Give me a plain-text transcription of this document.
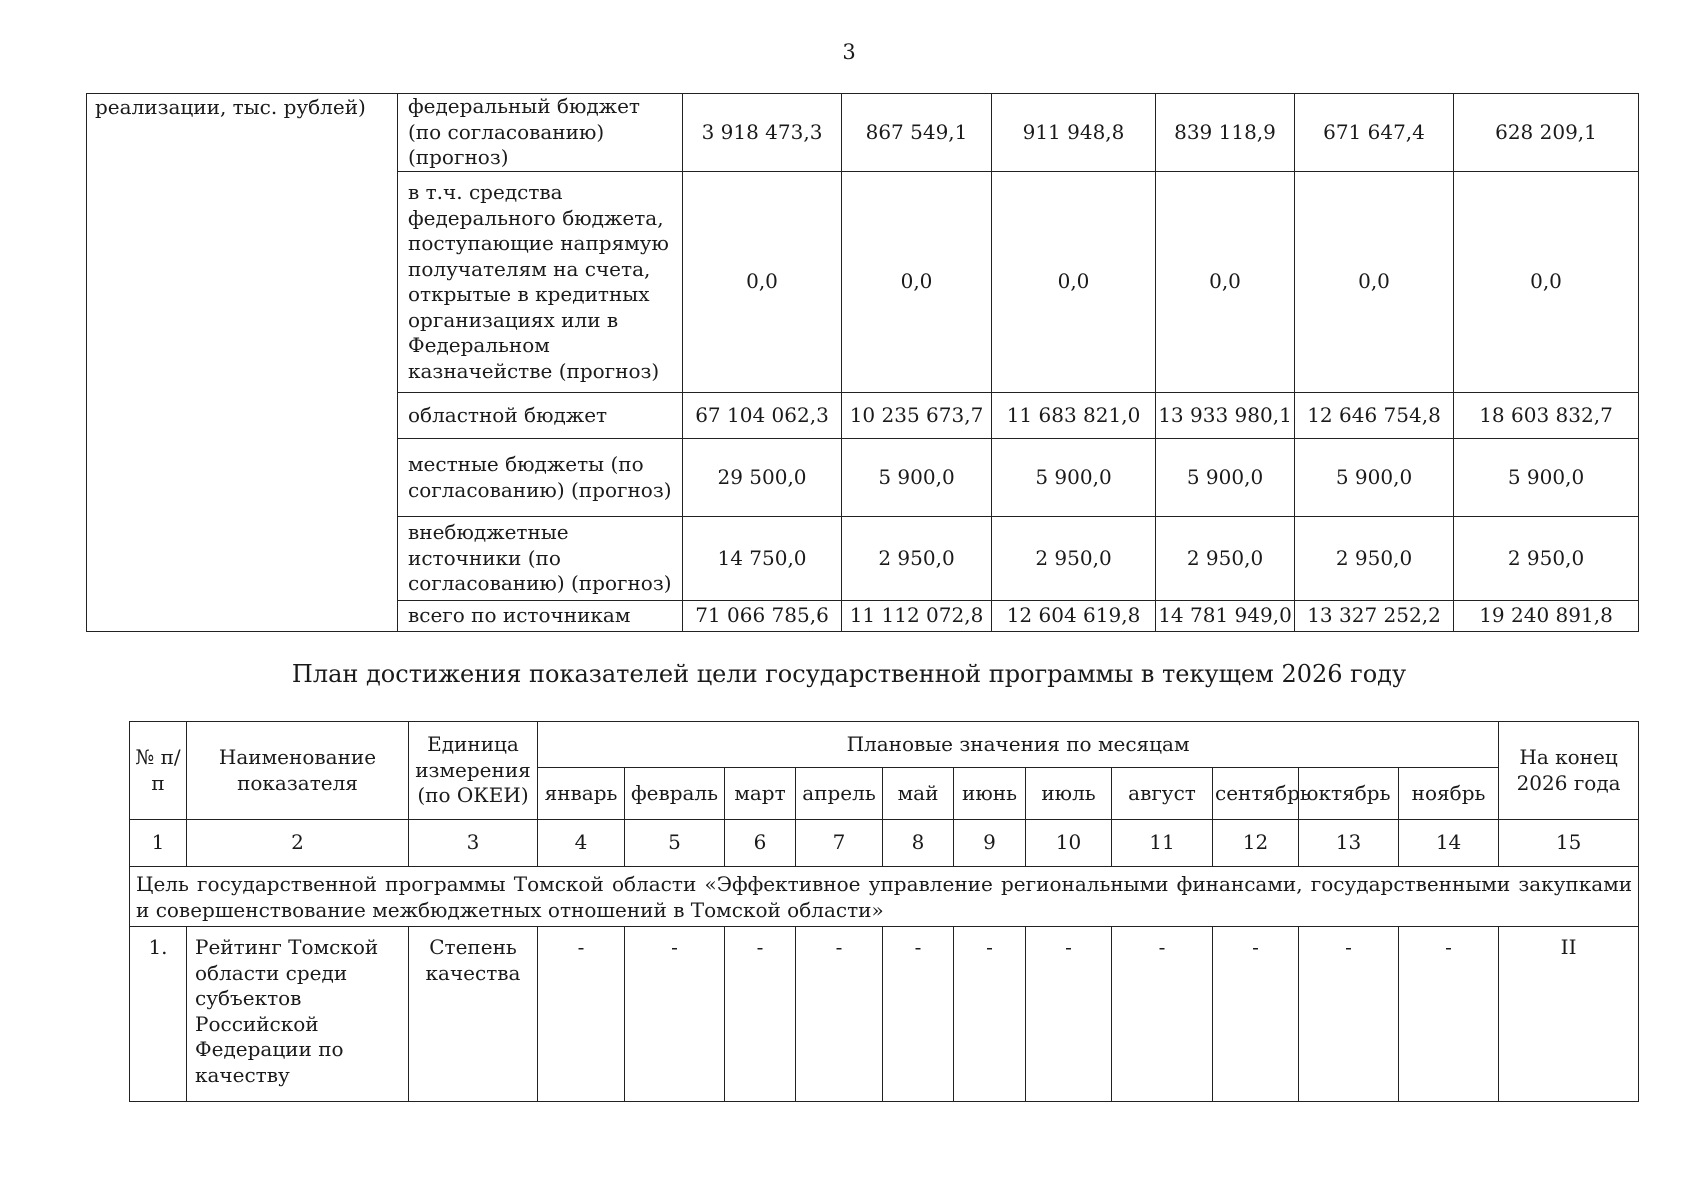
3
реализации, тыс. рублей)	федеральный бюджет (по согласованию) (прогноз)	3 918 473,3	867 549,1	911 948,8	839 118,9	671 647,4	628 209,1
	в т.ч. средства федерального бюджета, поступающие напрямую получателям на счета, открытые в кредитных организациях или в Федеральном казначействе (прогноз)	0,0	0,0	0,0	0,0	0,0	0,0
	областной бюджет	67 104 062,3	10 235 673,7	11 683 821,0	13 933 980,1	12 646 754,8	18 603 832,7
	местные бюджеты (по согласованию) (прогноз)	29 500,0	5 900,0	5 900,0	5 900,0	5 900,0	5 900,0
	внебюджетные источники (по согласованию) (прогноз)	14 750,0	2 950,0	2 950,0	2 950,0	2 950,0	2 950,0
	всего по источникам	71 066 785,6	11 112 072,8	12 604 619,8	14 781 949,0	13 327 252,2	19 240 891,8
План достижения показателей цели государственной программы в текущем 2026 году
№ п/п	Наименование показателя	Единица измерения (по ОКЕИ)	Плановые значения по месяцам											На конец 2026 года
			январь	февраль	март	апрель	май	июнь	июль	август	сентябрь	октябрь	ноябрь	
1	2	3	4	5	6	7	8	9	10	11	12	13	14	15
Цель государственной программы Томской области «Эффективное управление региональными финансами, государственными закупками и совершенствование межбюджетных отношений в Томской области»														
1.	Рейтинг Томской области среди субъектов Российской Федерации по качеству	Степень качества	-	-	-	-	-	-	-	-	-	-	-	II
